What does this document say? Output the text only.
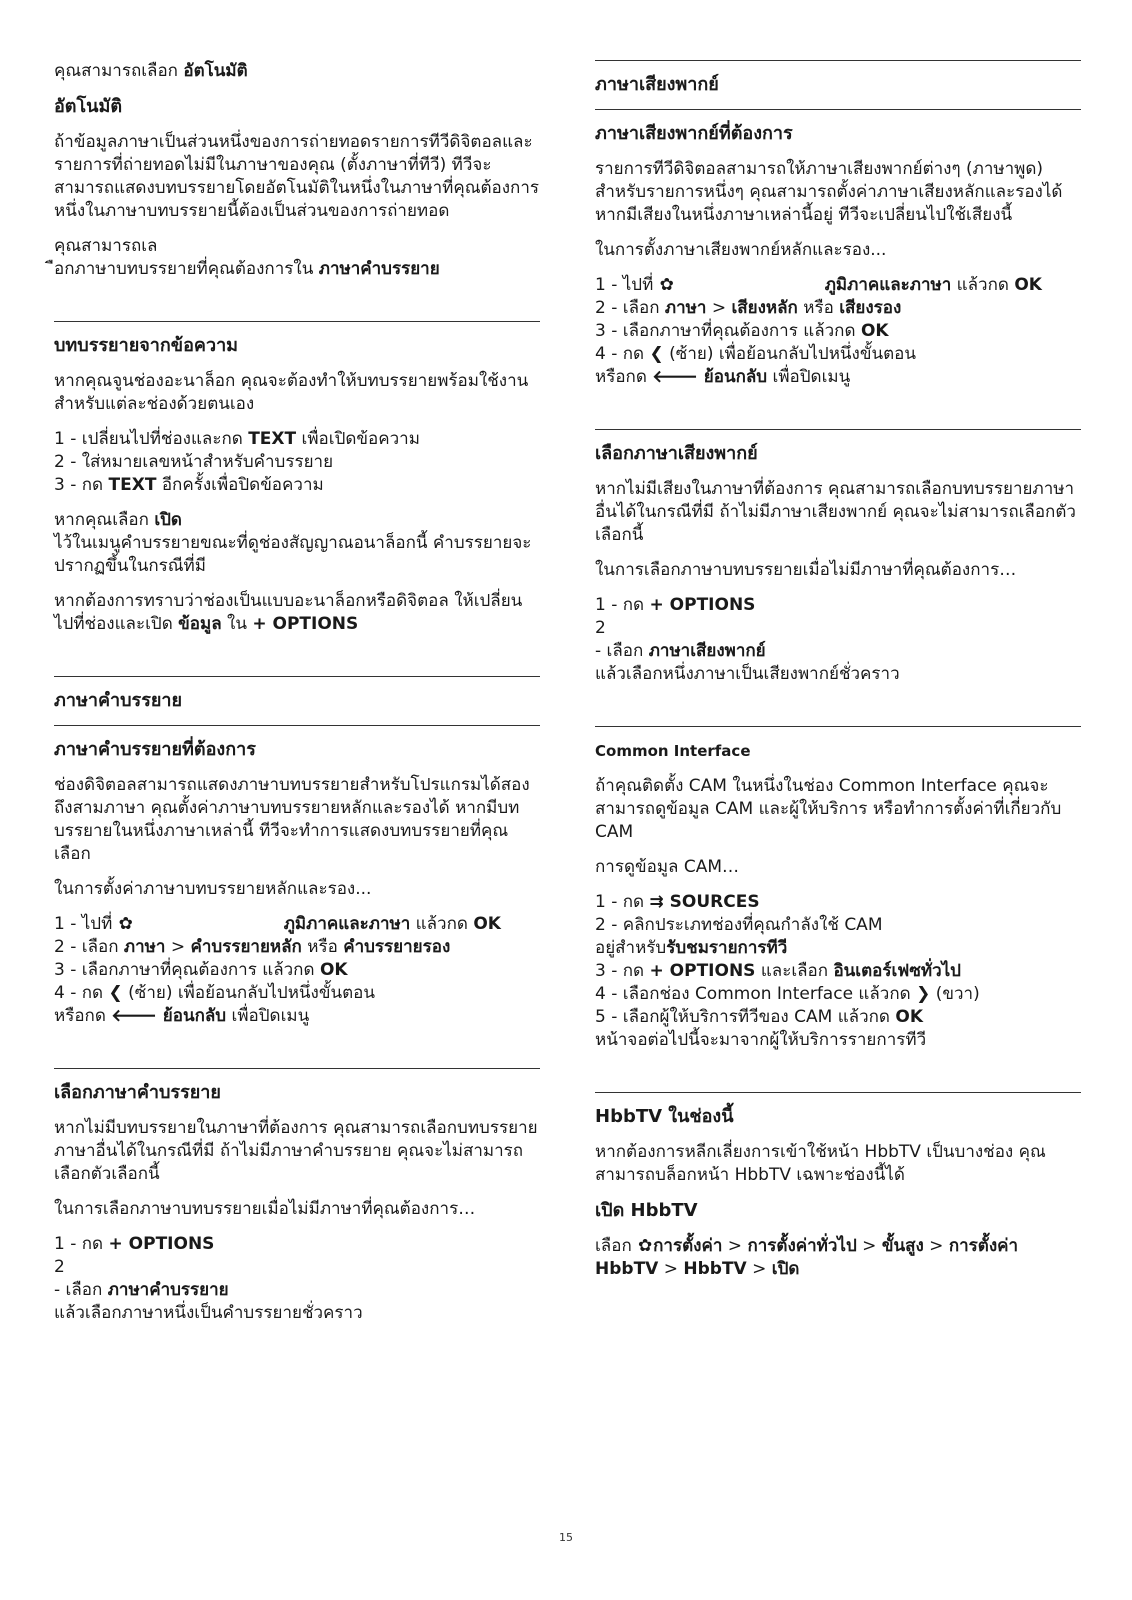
คุณสามารถเลือก อัตโนมัติ

อัตโนมัติ

ถ้าข้อมูลภาษาเป็นส่วนหนึ่งของการถ่ายทอดรายการทีวีดิจิตอลและรายการที่ถ่ายทอดไม่มีในภาษาของคุณ (ตั้งภาษาที่ทีวี) ทีวีจะสามารถแสดงบทบรรยายโดยอัตโนมัติในหนึ่งในภาษาที่คุณต้องการ หนึ่งในภาษาบทบรรยายนี้ต้องเป็นส่วนของการถ่ายทอด

คุณสามารถเล
ือกภาษาบทบรรยายที่คุณต้องการใน ภาษาคำบรรยาย

บทบรรยายจากข้อความ

หากคุณจูนช่องอะนาล็อก คุณจะต้องทำให้บทบรรยายพร้อมใช้งานสำหรับแต่ละช่องด้วยตนเอง

1 - เปลี่ยนไปที่ช่องและกด TEXT เพื่อเปิดข้อความ

2 - ใส่หมายเลขหน้าสำหรับคำบรรยาย

3 - กด TEXT อีกครั้งเพื่อปิดข้อความ

หากคุณเลือก เปิด

ไว้ในเมนูคำบรรยายขณะที่ดูช่องสัญญาณอนาล็อกนี้ คำบรรยายจะปรากฏขึ้นในกรณีที่มี

หากต้องการทราบว่าช่องเป็นแบบอะนาล็อกหรือดิจิตอล ให้เปลี่ยนไปที่ช่องและเปิด ข้อมูล ใน + OPTIONS

ภาษาคำบรรยาย
ภาษาคำบรรยายที่ต้องการ

ช่องดิจิตอลสามารถแสดงภาษาบทบรรยายสำหรับโปรแกรมได้สองถึงสามภาษา คุณตั้งค่าภาษาบทบรรยายหลักและรองได้ หากมีบทบรรยายในหนึ่งภาษาเหล่านี้ ทีวีจะทำการแสดงบทบรรยายที่คุณเลือก

ในการตั้งค่าภาษาบทบรรยายหลักและรอง...

1 - ไปที่ ✿	ภูมิภาคและภาษา แล้วกด OK

2 - เลือก ภาษา > คำบรรยายหลัก หรือ คำบรรยายรอง

3 - เลือกภาษาที่คุณต้องการ แล้วกด OK

4 - กด ❮ (ซ้าย) เพื่อย้อนกลับไปหนึ่งขั้นตอน

หรือกด 🡐 ย้อนกลับ เพื่อปิดเมนู

เลือกภาษาคำบรรยาย

หากไม่มีบทบรรยายในภาษาที่ต้องการ คุณสามารถเลือกบทบรรยายภาษาอื่นได้ในกรณีที่มี ถ้าไม่มีภาษาคำบรรยาย คุณจะไม่สามารถเลือกตัวเลือกนี้

ในการเลือกภาษาบทบรรยายเมื่อไม่มีภาษาที่คุณต้องการ…

1 - กด + OPTIONS

2

- เลือก ภาษาคำบรรยาย

แล้วเลือกภาษาหนึ่งเป็นคำบรรยายชั่วคราว

ภาษาเสียงพากย์
ภาษาเสียงพากย์ที่ต้องการ

รายการทีวีดิจิตอลสามารถให้ภาษาเสียงพากย์ต่างๆ (ภาษาพูด) สำหรับรายการหนึ่งๆ คุณสามารถตั้งค่าภาษาเสียงหลักและรองได้ หากมีเสียงในหนึ่งภาษาเหล่านี้อยู่ ทีวีจะเปลี่ยนไปใช้เสียงนี้

ในการตั้งภาษาเสียงพากย์หลักและรอง...

1 - ไปที่ ✿	ภูมิภาคและภาษา แล้วกด OK

2 - เลือก ภาษา > เสียงหลัก หรือ เสียงรอง

3 - เลือกภาษาที่คุณต้องการ แล้วกด OK

4 - กด ❮ (ซ้าย) เพื่อย้อนกลับไปหนึ่งขั้นตอน

หรือกด 🡐 ย้อนกลับ เพื่อปิดเมนู

เลือกภาษาเสียงพากย์

หากไม่มีเสียงในภาษาที่ต้องการ คุณสามารถเลือกบทบรรยายภาษาอื่นได้ในกรณีที่มี ถ้าไม่มีภาษาเสียงพากย์ คุณจะไม่สามารถเลือกตัวเลือกนี้

ในการเลือกภาษาบทบรรยายเมื่อไม่มีภาษาที่คุณต้องการ…

1 - กด + OPTIONS

2

- เลือก ภาษาเสียงพากย์

แล้วเลือกหนึ่งภาษาเป็นเสียงพากย์ชั่วคราว

Common Interface

ถ้าคุณติดตั้ง CAM ในหนึ่งในช่อง Common Interface คุณจะสามารถดูข้อมูล CAM และผู้ให้บริการ หรือทำการตั้งค่าที่เกี่ยวกับ CAM

การดูข้อมูล CAM…

1 - กด ⇉ SOURCES

2 - คลิกประเภทช่องที่คุณกำลังใช้ CAM

อยู่สำหรับรับชมรายการทีวี

3 - กด + OPTIONS และเลือก อินเตอร์เฟซทั่วไป

4 - เลือกช่อง Common Interface แล้วกด ❯ (ขวา)

5 - เลือกผู้ให้บริการทีวีของ CAM แล้วกด OK

หน้าจอต่อไปนี้จะมาจากผู้ให้บริการรายการทีวี

HbbTV ในช่องนี้

หากต้องการหลีกเลี่ยงการเข้าใช้หน้า HbbTV เป็นบางช่อง คุณสามารถบล็อกหน้า HbbTV เฉพาะช่องนี้ได้

เปิด HbbTV

เลือก ✿การตั้งค่า > การตั้งค่าทั่วไป > ขั้นสูง > การตั้งค่า HbbTV > HbbTV > เปิด

15
